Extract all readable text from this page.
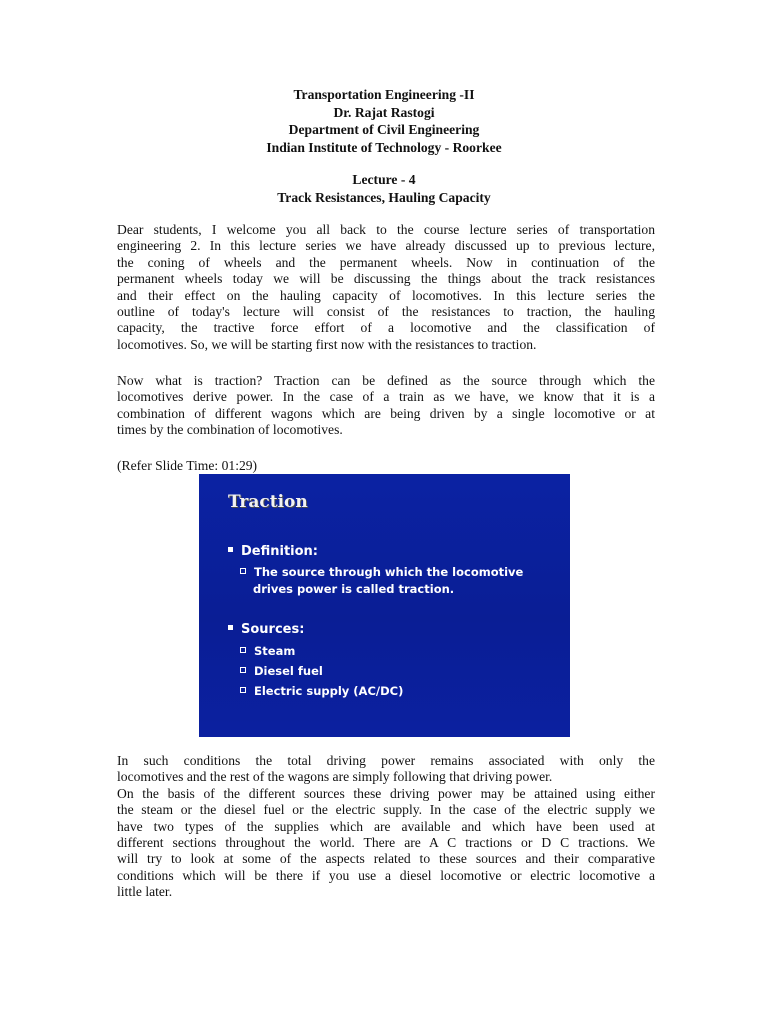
Transportation Engineering -II
Dr. Rajat Rastogi
Department of Civil Engineering
Indian Institute of Technology - Roorkee
Lecture - 4
Track Resistances, Hauling Capacity
Dear students, I welcome you all back to the course lecture series of transportation
engineering 2. In this lecture series we have already discussed up to previous lecture,
the coning of wheels and the permanent wheels. Now in continuation of the
permanent wheels today we will be discussing the things about the track resistances
and their effect on the hauling capacity of locomotives. In this lecture series the
outline of today's lecture will consist of the resistances to traction, the hauling
capacity, the tractive force effort of a locomotive and the classification of
locomotives. So, we will be starting first now with the resistances to traction.
Now what is traction? Traction can be defined as the source through which the
locomotives derive power. In the case of a train as we have, we know that it is a
combination of different wagons which are being driven by a single locomotive or at
times by the combination of locomotives.
(Refer Slide Time: 01:29)
Traction
Definition:
The source through which the locomotive
drives power is called traction.
Sources:
Steam
Diesel fuel
Electric supply (AC/DC)
In such conditions the total driving power remains associated with only the
locomotives and the rest of the wagons are simply following that driving power.
On the basis of the different sources these driving power may be attained using either
the steam or the diesel fuel or the electric supply. In the case of the electric supply we
have two types of the supplies which are available and which have been used at
different sections throughout the world. There are A C tractions or D C tractions. We
will try to look at some of the aspects related to these sources and their comparative
conditions which will be there if you use a diesel locomotive or electric locomotive a
little later.
